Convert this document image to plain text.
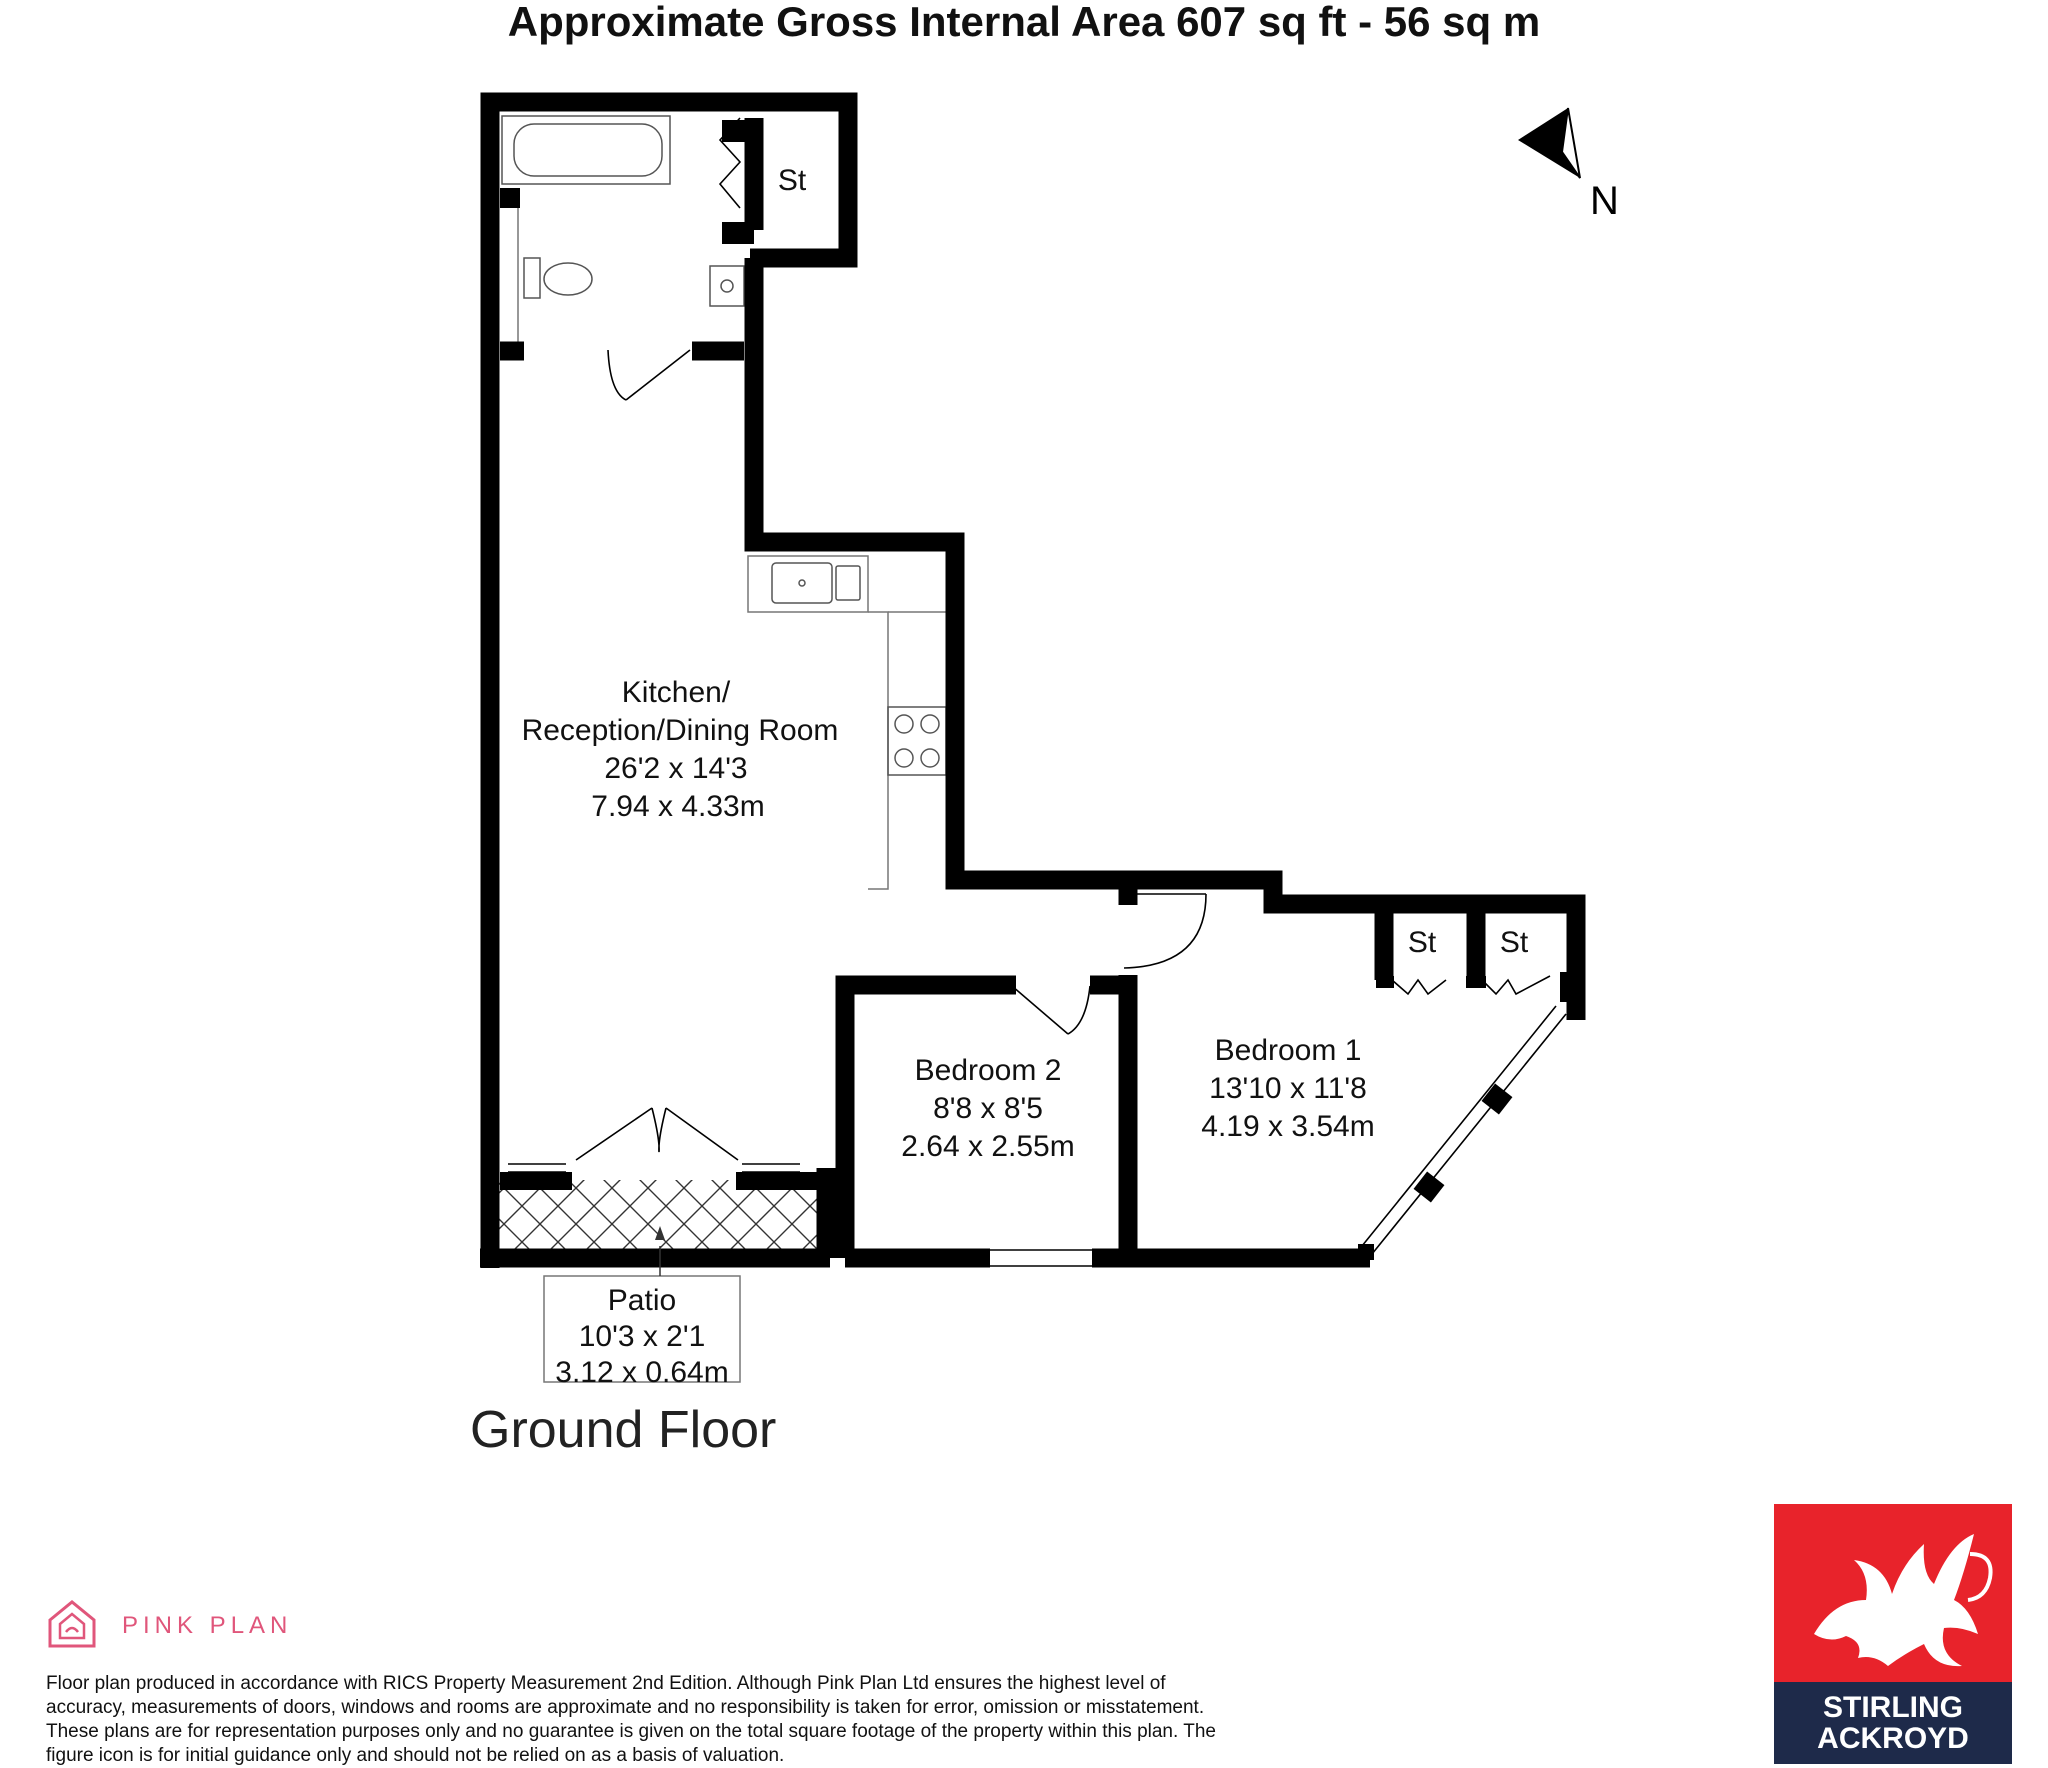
Approximate Gross Internal Area 607 sq ft - 56 sq m
Kitchen/
Reception/Dining Room
26'2 x 14'3
7.94 x 4.33m
Bedroom 2
8'8 x 8'5
2.64 x 2.55m
Bedroom 1
13'10 x 11'8
4.19 x 3.54m
Patio
10'3 x 2'1
3.12 x 0.64m
St
St St
N
Ground Floor
PINK PLAN
Floor plan produced in accordance with RICS Property Measurement 2nd Edition. Although Pink Plan Ltd ensures the highest level of accuracy, measurements of doors, windows and rooms are approximate and no responsibility is taken for error, omission or misstatement. These plans are for representation purposes only and no guarantee is given on the total square footage of the property within this plan. The figure icon is for initial guidance only and should not be relied on as a basis of valuation.
STIRLING
ACKROYD
